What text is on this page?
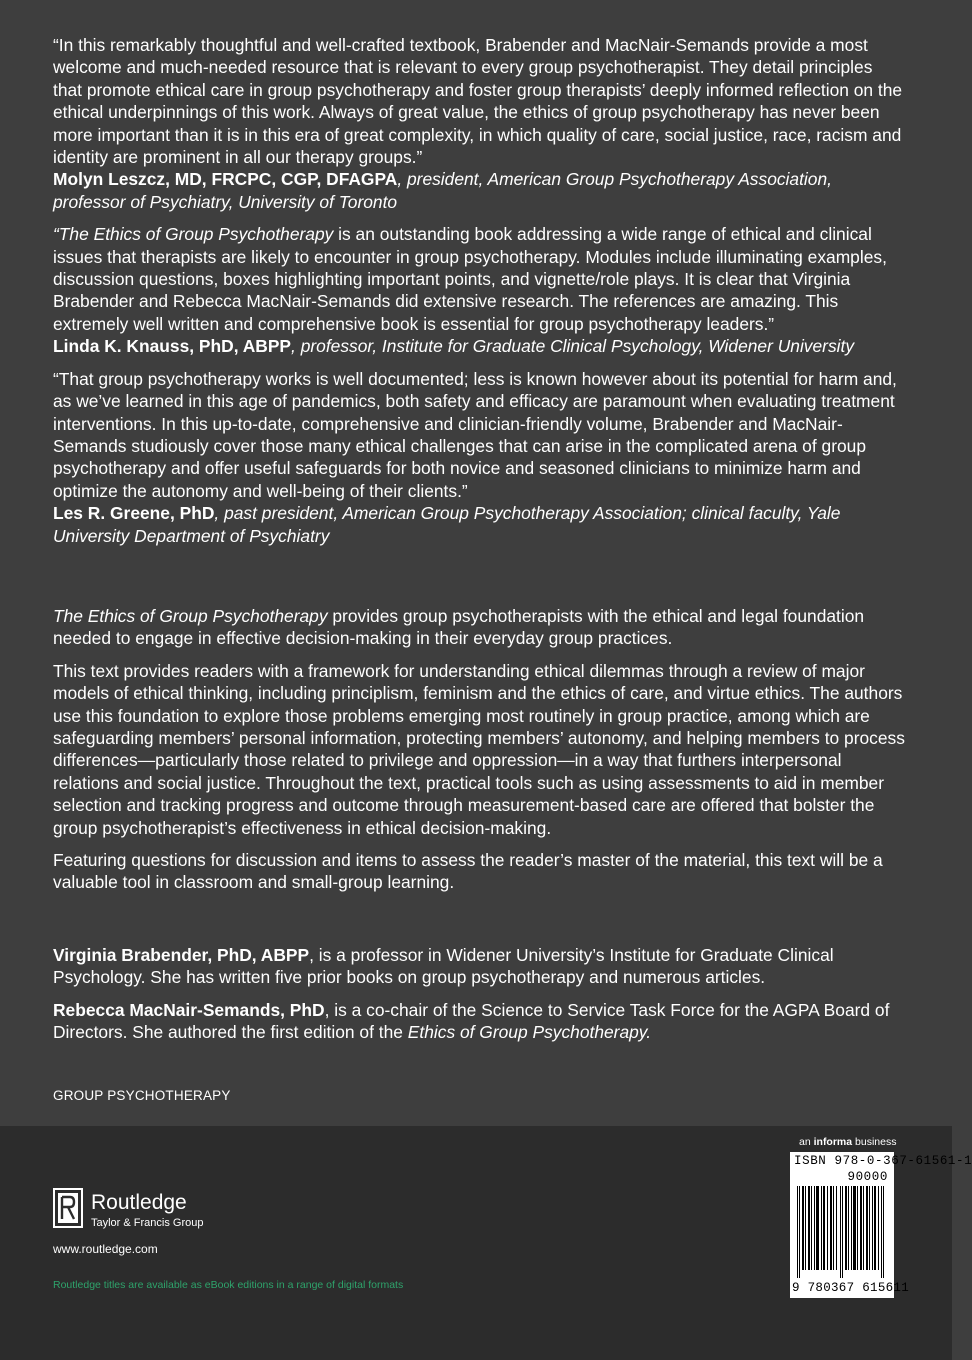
“In this remarkably thoughtful and well-crafted textbook, Brabender and MacNair-Semands provide a most welcome and much-needed resource that is relevant to every group psychotherapist. They detail principles that promote ethical care in group psychotherapy and foster group therapists’ deeply informed reflection on the ethical underpinnings of this work. Always of great value, the ethics of group psychotherapy has never been more important than it is in this era of great complexity, in which quality of care, social justice, race, racism and identity are prominent in all our therapy groups.”
Molyn Leszcz, MD, FRCPC, CGP, DFAGPA, president, American Group Psychotherapy Association, professor of Psychiatry, University of Toronto
“The Ethics of Group Psychotherapy is an outstanding book addressing a wide range of ethical and clinical issues that therapists are likely to encounter in group psychotherapy. Modules include illuminating examples, discussion questions, boxes highlighting important points, and vignette/role plays. It is clear that Virginia Brabender and Rebecca MacNair-Semands did extensive research. The references are amazing. This extremely well written and comprehensive book is essential for group psychotherapy leaders.”
Linda K. Knauss, PhD, ABPP, professor, Institute for Graduate Clinical Psychology, Widener University
“That group psychotherapy works is well documented; less is known however about its potential for harm and, as we’ve learned in this age of pandemics, both safety and efficacy are paramount when evaluating treatment interventions. In this up-to-date, comprehensive and clinician-friendly volume, Brabender and MacNair-Semands studiously cover those many ethical challenges that can arise in the complicated arena of group psychotherapy and offer useful safeguards for both novice and seasoned clinicians to minimize harm and optimize the autonomy and well-being of their clients.”
Les R. Greene, PhD, past president, American Group Psychotherapy Association; clinical faculty, Yale University Department of Psychiatry

The Ethics of Group Psychotherapy provides group psychotherapists with the ethical and legal foundation needed to engage in effective decision-making in their everyday group practices.

This text provides readers with a framework for understanding ethical dilemmas through a review of major models of ethical thinking, including principlism, feminism and the ethics of care, and virtue ethics. The authors use this foundation to explore those problems emerging most routinely in group practice, among which are safeguarding members’ personal information, protecting members’ autonomy, and helping members to process differences—particularly those related to privilege and oppression—in a way that furthers interpersonal relations and social justice. Throughout the text, practical tools such as using assessments to aid in member selection and tracking progress and outcome through measurement-based care are offered that bolster the group psychotherapist’s effectiveness in ethical decision-making.

Featuring questions for discussion and items to assess the reader’s master of the material, this text will be a valuable tool in classroom and small-group learning.

Virginia Brabender, PhD, ABPP, is a professor in Widener University’s Institute for Graduate Clinical Psychology. She has written five prior books on group psychotherapy and numerous articles.

Rebecca MacNair-Semands, PhD, is a co-chair of the Science to Service Task Force for the AGPA Board of Directors. She authored the first edition of the Ethics of Group Psychotherapy.

GROUP PSYCHOTHERAPY
an informa business
ISBN 978-0-367-61561-1
90000
9 780367 615611
Routledge
Taylor & Francis Group
www.routledge.com
Routledge titles are available as eBook editions in a range of digital formats
